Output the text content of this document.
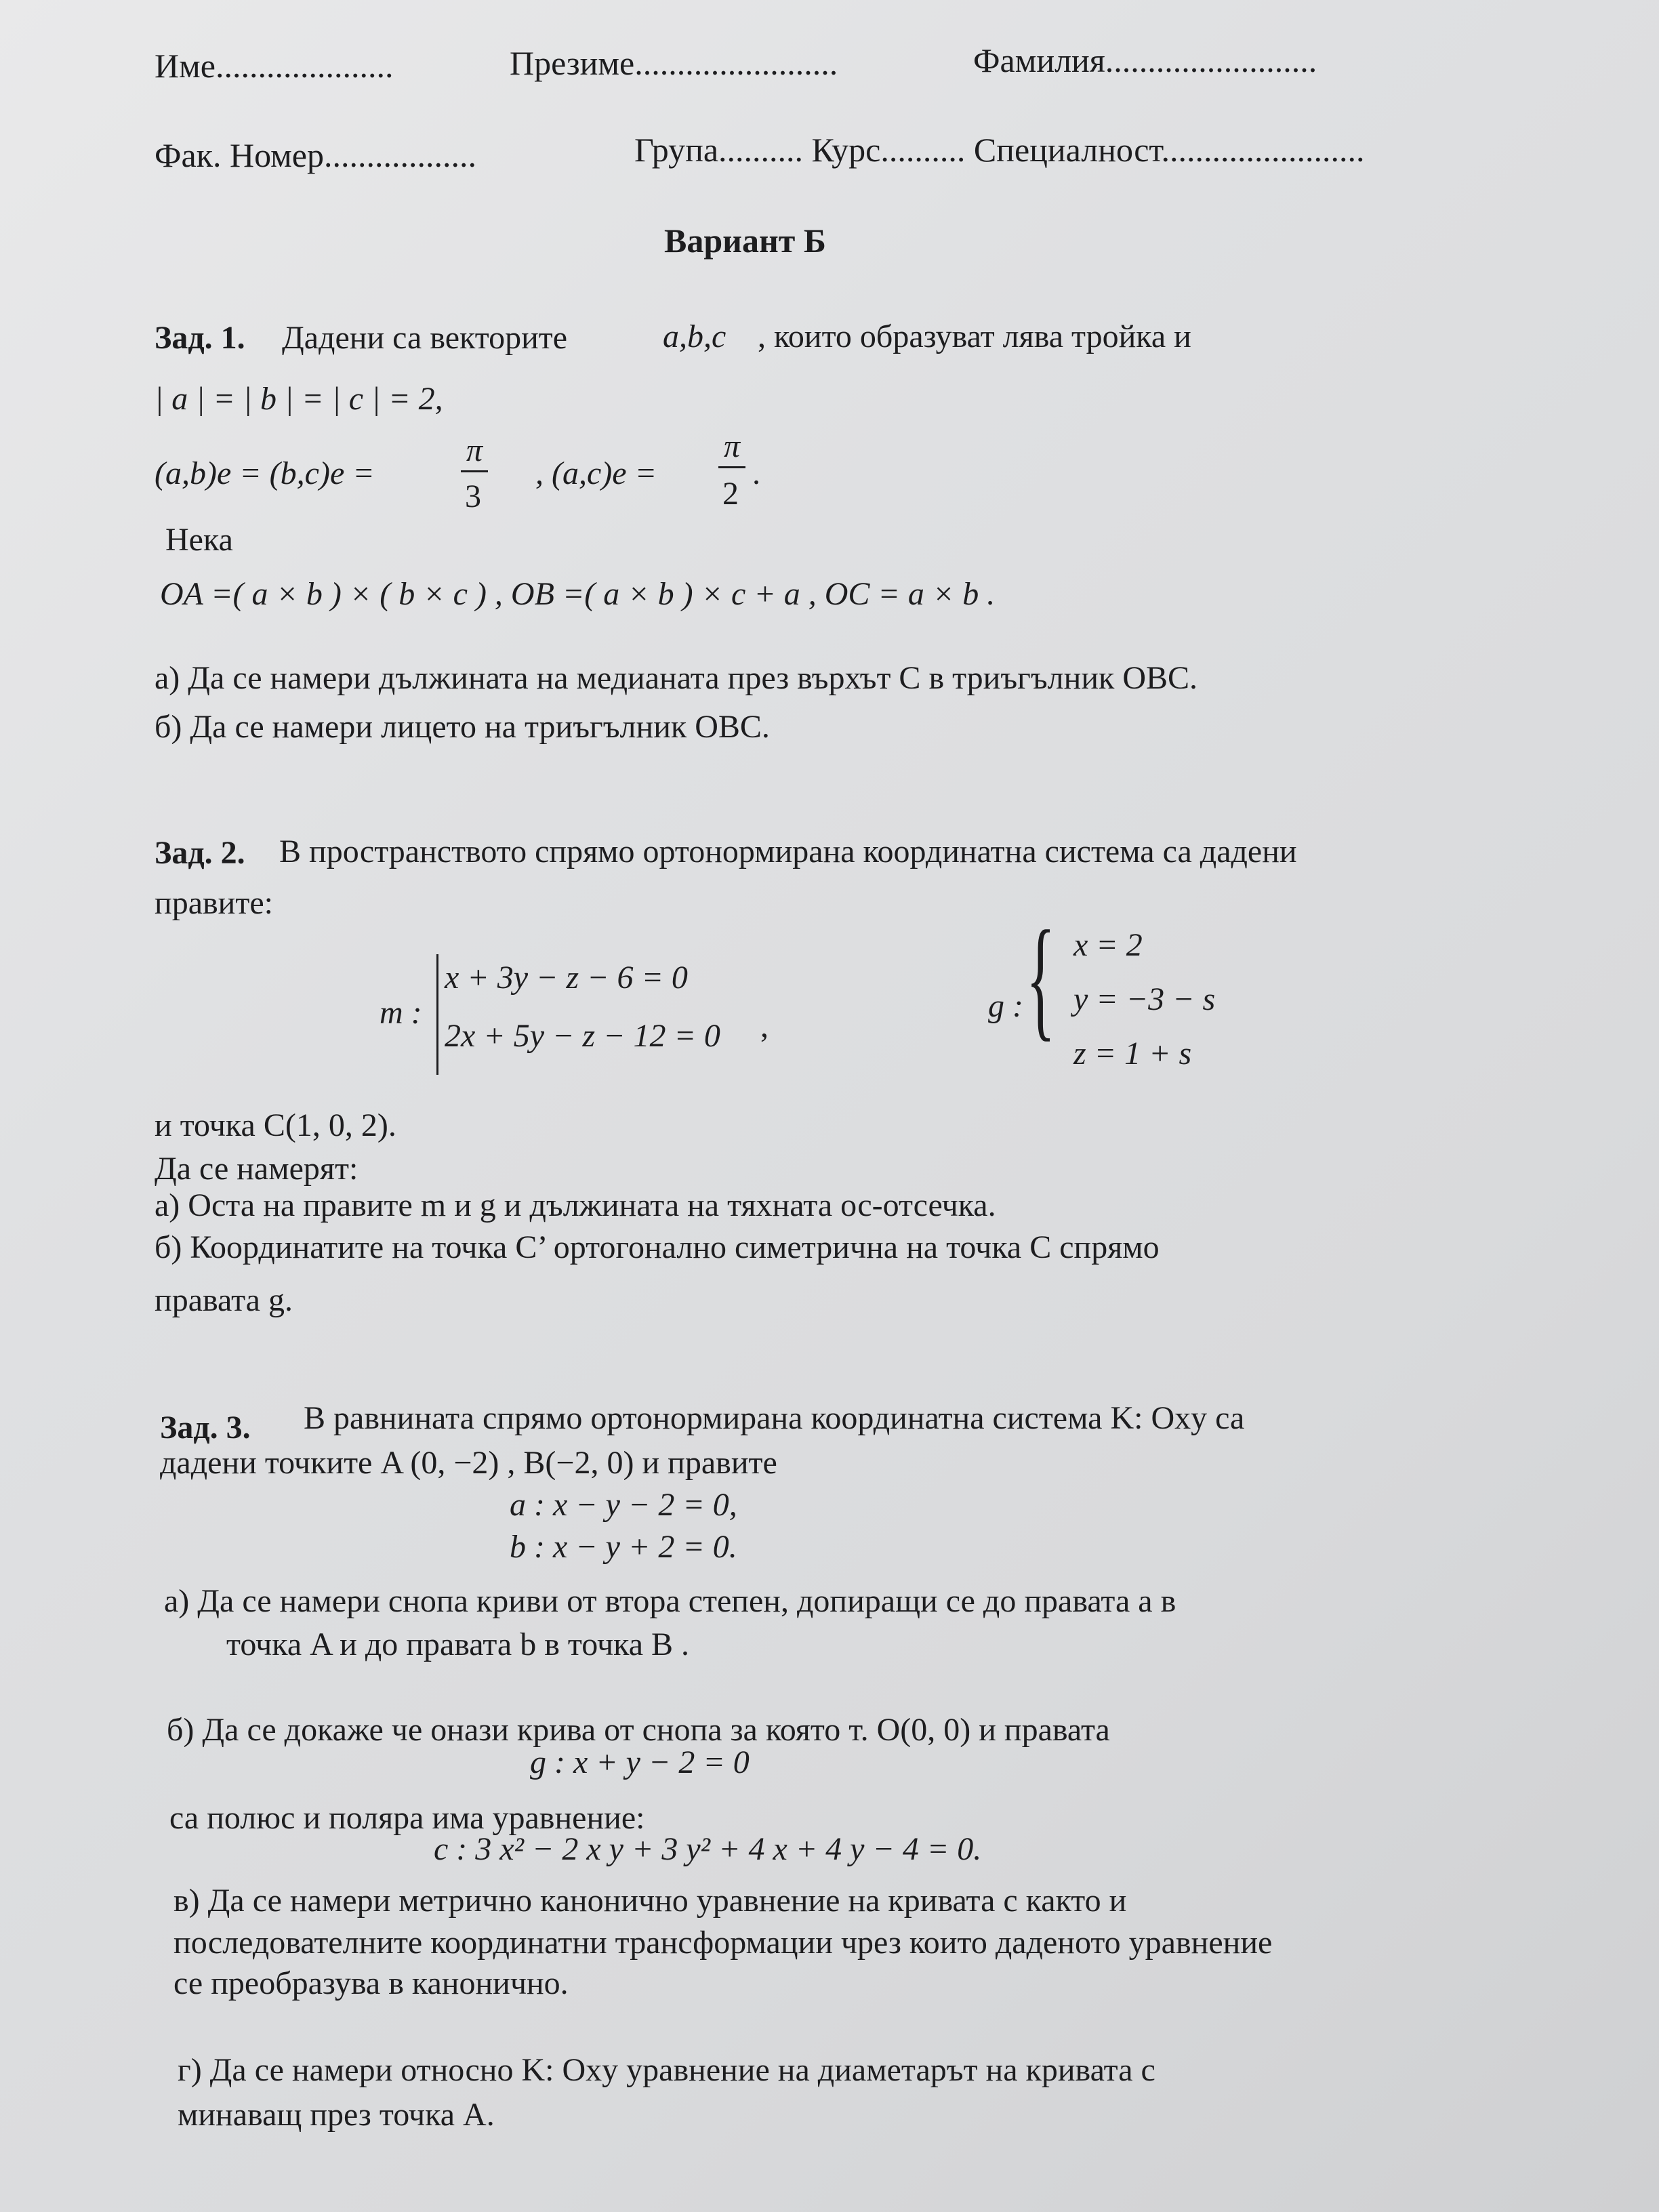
Име.....................	Презиме........................	Фамилия.........................
Фак. Номер..................	Група.......... Курс.......... Специалност........................
Вариант Б
Зад. 1. Дадени са векторите	a,b,c , които образуват лява тройка и
| a | = | b | = | c | = 2,
(a,b)e = (b,c)e =
π
3
, (a,c)e =
π
2
.
Нека
OA =( a × b ) × ( b × c ) , OB =( a × b ) × c + a , OC = a × b .
а) Да се намери дължината на медианата през върхът C в триъгълник OBC.
б) Да се намери лицето на триъгълник OBC.
Зад. 2. В пространството спрямо ортонормирана координатна система са дадени
правите:
m :
x + 3y − z − 6 = 0
2x + 5y − z − 12 = 0 ,
g : { x = 2
y = −3 − s
z = 1 + s
и точка C(1, 0, 2).
Да се намерят:
а) Оста на правите m и g и дължината на тяхната ос-отсечка.
б) Координатите на точка C’ ортогонално симетрична на точка C спрямо
правата g.
Зад. 3. В равнината спрямо ортонормирана координатна система K: Oxy са
дадени точките A (0, −2) , B(−2, 0) и правите
a : x − y − 2 = 0,
b : x − y + 2 = 0.
а) Да се намери снопа криви от втора степен, допиращи се до правата a в
точка A и до правата b в точка B .
б) Да се докаже че онази крива от снопа за която т. O(0, 0) и правата
g : x + y − 2 = 0
са полюс и поляра има уравнение:
c : 3 x² − 2 x y + 3 y² + 4 x + 4 y − 4 = 0.
в) Да се намери метрично канонично уравнение на кривата c както и
последователните координатни трансформации чрез които даденото уравнение
се преобразува в канонично.
г) Да се намери относно K: Oxy уравнение на диаметарът на кривата c
минаващ през точка A.
